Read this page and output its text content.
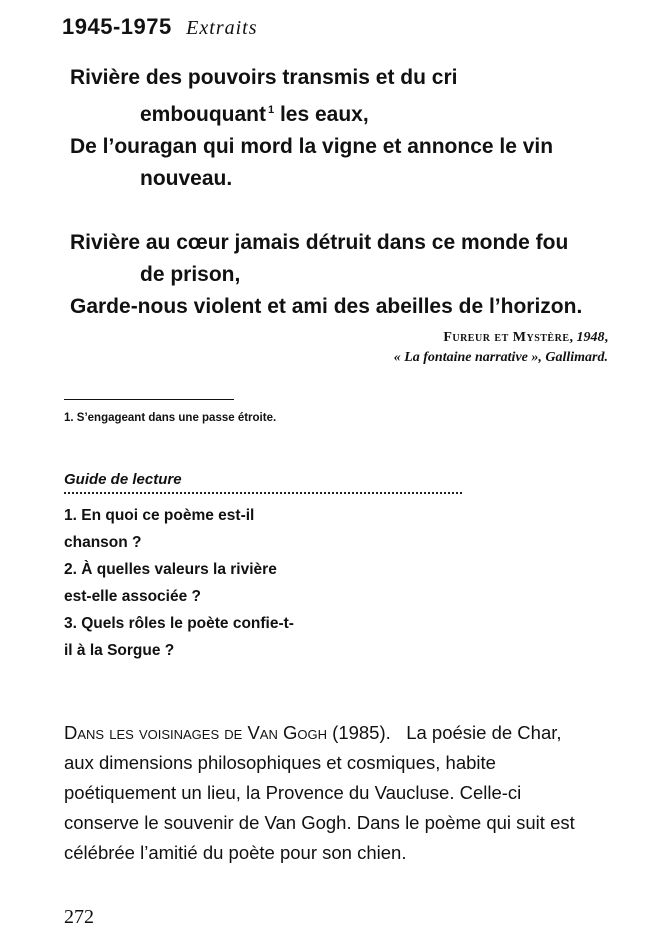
1945-1975 Extraits
Rivière des pouvoirs transmis et du cri
embouquant $^1$ les eaux,
De l’ouragan qui mord la vigne et annonce le vin
nouveau.
Rivière au cœur jamais détruit dans ce monde fou
de prison,
Garde-nous violent et ami des abeilles de l’horizon.
Fureur et Mystère, 1948,
« La fontaine narrative », Gallimard.
1. S’engageant dans une passe étroite.
Guide de lecture
1. En quoi ce poème est-il chanson ?
2. À quelles valeurs la rivière est-elle associée ?
3. Quels rôles le poète confie-t-il à la Sorgue ?
Dans les voisinages de Van Gogh (1985). La poésie de Char, aux dimensions philosophiques et cosmiques, habite poétiquement un lieu, la Provence du Vaucluse. Celle-ci conserve le souvenir de Van Gogh. Dans le poème qui suit est célébrée l’amitié du poète pour son chien.
272
